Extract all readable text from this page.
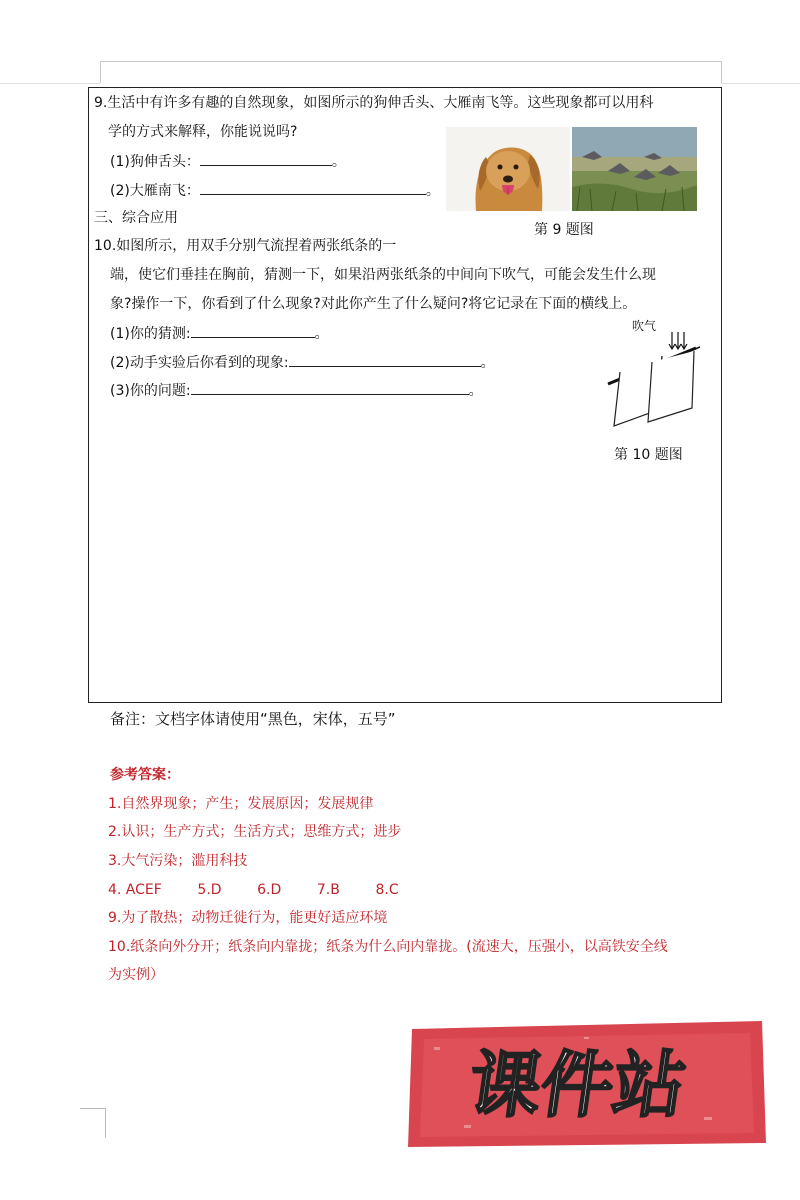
9.生活中有许多有趣的自然现象，如图所示的狗伸舌头、大雁南飞等。这些现象都可以用科
学的方式来解释，你能说说吗?
(1)狗伸舌头：	。
(2)大雁南飞：	。
第 9 题图
三、综合应用
10.如图所示，用双手分别气流捏着两张纸条的一
端，使它们垂挂在胸前，猜测一下，如果沿两张纸条的中间向下吹气，可能会发生什么现
象?操作一下，你看到了什么现象?对此你产生了什么疑问?将它记录在下面的横线上。
(1)你的猜测:	。
(2)动手实验后你看到的现象:	。
(3)你的问题:	。
吹气
第 10 题图
备注：文档字体请使用“黑色，宋体，五号”
参考答案：
1.自然界现象；产生；发展原因；发展规律
2.认识；生产方式；生活方式；思维方式；进步
3.大气污染；滥用科技
4. ACEF        5.D        6.D        7.B        8.C
9.为了散热；动物迁徙行为，能更好适应环境
10.纸条向外分开；纸条向内靠拢；纸条为什么向内靠拢。(流速大，压强小，以高铁安全线
为实例）
课件站
